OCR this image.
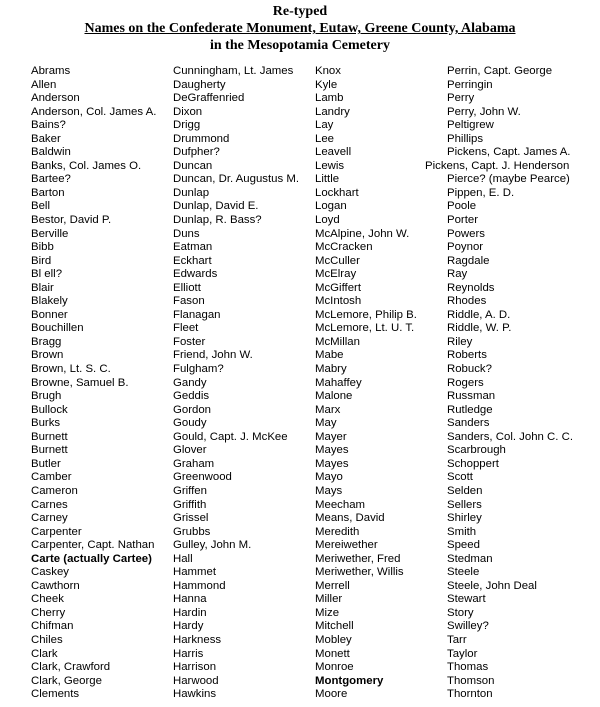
Re-typed
Names on the Confederate Monument, Eutaw, Greene County, Alabama
in the Mesopotamia Cemetery
Abrams
Allen
Anderson
Anderson, Col. James A.
Bains?
Baker
Baldwin
Banks, Col. James O.
Bartee?
Barton
Bell
Bestor, David P.
Berville
Bibb
Bird
Bl ell?
Blair
Blakely
Bonner
Bouchillen
Bragg
Brown
Brown, Lt. S. C.
Browne, Samuel B.
Brugh
Bullock
Burks
Burnett
Burnett
Butler
Camber
Cameron
Carnes
Carney
Carpenter
Carpenter, Capt. Nathan
Carte (actually Cartee)
Caskey
Cawthorn
Cheek
Cherry
Chifman
Chiles
Clark
Clark, Crawford
Clark, George
Clements
Cunningham, Lt. James
Daugherty
DeGraffenried
Dixon
Drigg
Drummond
Dufpher?
Duncan
Duncan, Dr. Augustus M.
Dunlap
Dunlap, David E.
Dunlap, R. Bass?
Duns
Eatman
Eckhart
Edwards
Elliott
Fason
Flanagan
Fleet
Foster
Friend, John W.
Fulgham?
Gandy
Geddis
Gordon
Goudy
Gould, Capt. J. McKee
Glover
Graham
Greenwood
Griffen
Griffith
Grissel
Grubbs
Gulley, John M.
Hall
Hammet
Hammond
Hanna
Hardin
Hardy
Harkness
Harris
Harrison
Harwood
Hawkins
Knox
Kyle
Lamb
Landry
Lay
Lee
Leavell
Lewis
Little
Lockhart
Logan
Loyd
McAlpine, John W.
McCracken
McCuller
McElray
McGiffert
McIntosh
McLemore, Philip B.
McLemore, Lt. U. T.
McMillan
Mabe
Mabry
Mahaffey
Malone
Marx
May
Mayer
Mayes
Mayes
Mayo
Mays
Meecham
Means, David
Meredith
Mereiwether
Meriwether, Fred
Meriwether, Willis
Merrell
Miller
Mize
Mitchell
Mobley
Monett
Monroe
Montgomery
Moore
Perrin, Capt. George
Perringin
Perry
Perry, John W.
Peltigrew
Phillips
Pickens, Capt. James A.
Pickens, Capt. J. Henderson
Pierce? (maybe Pearce)
Pippen, E. D.
Poole
Porter
Powers
Poynor
Ragdale
Ray
Reynolds
Rhodes
Riddle, A. D.
Riddle, W. P.
Riley
Roberts
Robuck?
Rogers
Russman
Rutledge
Sanders
Sanders, Col. John C. C.
Scarbrough
Schoppert
Scott
Selden
Sellers
Shirley
Smith
Speed
Stedman
Steele
Steele, John Deal
Stewart
Story
Swilley?
Tarr
Taylor
Thomas
Thomson
Thornton
